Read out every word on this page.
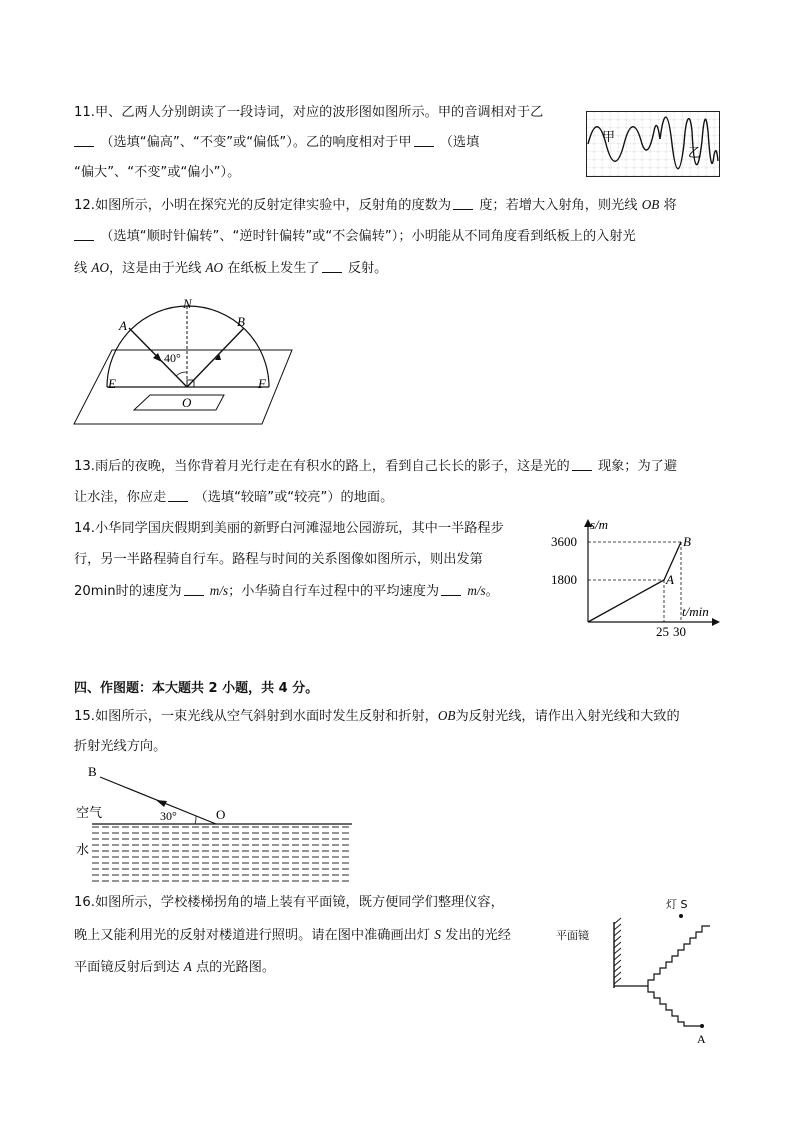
11.甲、乙两人分别朗读了一段诗词，对应的波形图如图所示。甲的音调相对于乙
（选填“偏高”、“不变”或“偏低”）。乙的响度相对于甲 （选填
“偏大”、“不变”或“偏小”）。
甲
乙
12.如图所示，小明在探究光的反射定律实验中，反射角的度数为 度；若增大入射角，则光线 OB 将
（选填“顺时针偏转”、“逆时针偏转”或“不会偏转”）；小明能从不同角度看到纸板上的入射光
线 AO，这是由于光线 AO 在纸板上发生了 反射。
N
A	B
E	F
O
40°
13.雨后的夜晚，当你背着月光行走在有积水的路上，看到自己长长的影子，这是光的 现象；为了避
让水洼，你应走 （选填“较暗”或“较亮”）的地面。
14.小华同学国庆假期到美丽的新野白河滩湿地公园游玩，其中一半路程步
行，另一半路程骑自行车。路程与时间的关系图像如图所示，则出发第
20min时的速度为 m/s；小华骑自行车过程中的平均速度为 m/s。
s/m
t/min
3600
1800
25 30
A
B
四、作图题：本大题共 2 小题，共 4 分。
15.如图所示，一束光线从空气斜射到水面时发生反射和折射，OB为反射光线，请作出入射光线和大致的
折射光线方向。
B
O
30°
空气
水
16.如图所示，学校楼梯拐角的墙上装有平面镜，既方便同学们整理仪容，
晚上又能利用光的反射对楼道进行照明。请在图中准确画出灯 S 发出的光经
平面镜反射后到达 A 点的光路图。
灯 S
平面镜
A
